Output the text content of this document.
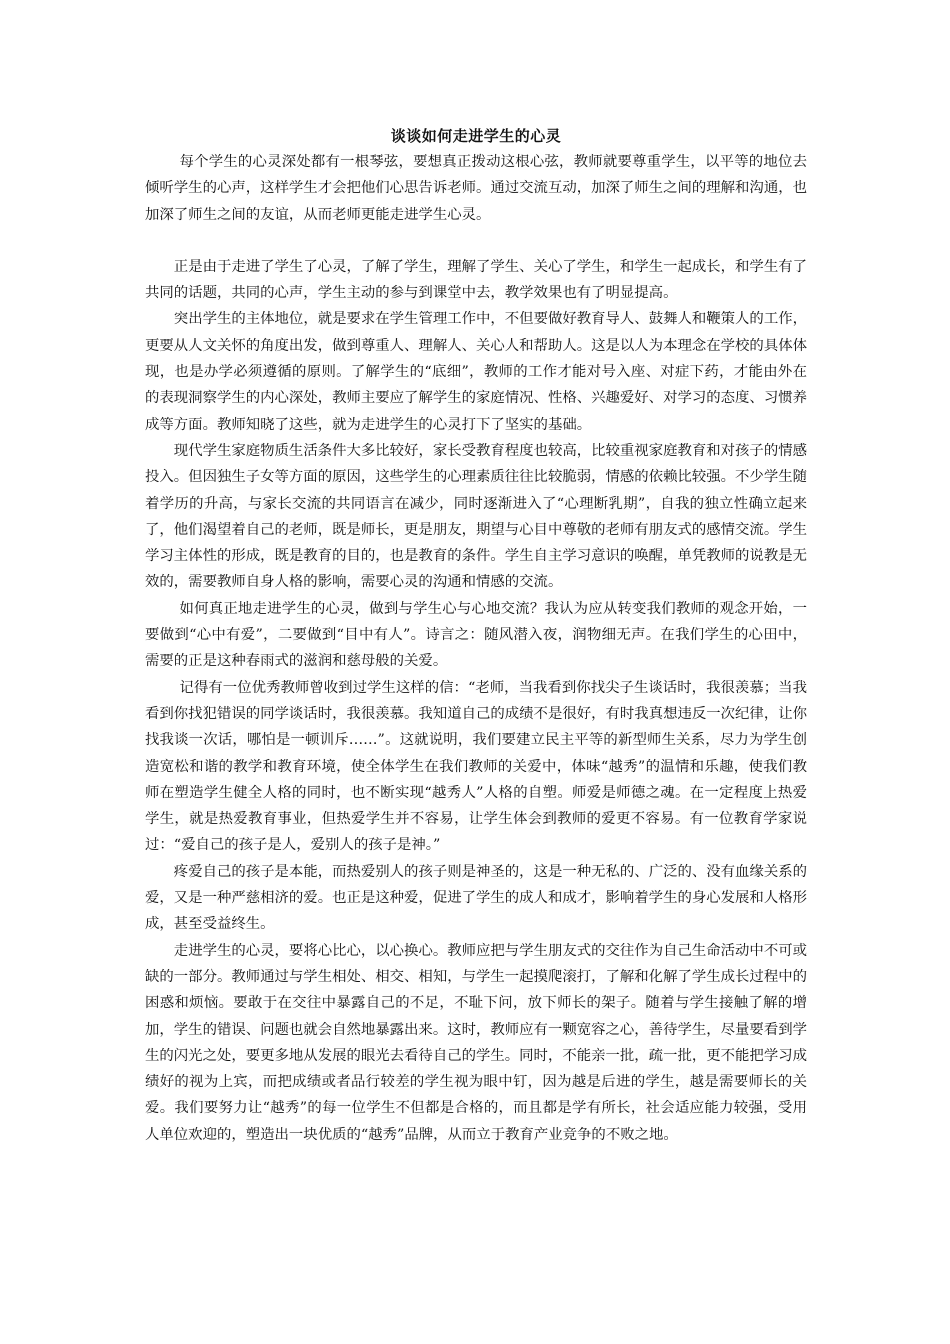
谈谈如何走进学生的心灵

每个学生的心灵深处都有一根琴弦，要想真正拨动这根心弦，教师就要尊重学生，以平等的地位去倾听学生的心声，这样学生才会把他们心思告诉老师。通过交流互动，加深了师生之间的理解和沟通，也加深了师生之间的友谊，从而老师更能走进学生心灵。

正是由于走进了学生了心灵，了解了学生，理解了学生、关心了学生，和学生一起成长，和学生有了共同的话题，共同的心声，学生主动的参与到课堂中去，教学效果也有了明显提高。

突出学生的主体地位，就是要求在学生管理工作中，不但要做好教育导人、鼓舞人和鞭策人的工作，更要从人文关怀的角度出发，做到尊重人、理解人、关心人和帮助人。这是以人为本理念在学校的具体体现，也是办学必须遵循的原则。了解学生的“底细”，教师的工作才能对号入座、对症下药，才能由外在的表现洞察学生的内心深处，教师主要应了解学生的家庭情况、性格、兴趣爱好、对学习的态度、习惯养成等方面。教师知晓了这些，就为走进学生的心灵打下了坚实的基础。

现代学生家庭物质生活条件大多比较好，家长受教育程度也较高，比较重视家庭教育和对孩子的情感投入。但因独生子女等方面的原因，这些学生的心理素质往往比较脆弱，情感的依赖比较强。不少学生随着学历的升高，与家长交流的共同语言在减少，同时逐渐进入了“心理断乳期”，自我的独立性确立起来了，他们渴望着自己的老师，既是师长，更是朋友，期望与心目中尊敬的老师有朋友式的感情交流。学生学习主体性的形成，既是教育的目的，也是教育的条件。学生自主学习意识的唤醒，单凭教师的说教是无效的，需要教师自身人格的影响，需要心灵的沟通和情感的交流。

如何真正地走进学生的心灵，做到与学生心与心地交流？我认为应从转变我们教师的观念开始，一要做到“心中有爱”，二要做到“目中有人”。诗言之：随风潜入夜，润物细无声。在我们学生的心田中，需要的正是这种春雨式的滋润和慈母般的关爱。

记得有一位优秀教师曾收到过学生这样的信：“老师，当我看到你找尖子生谈话时，我很羡慕；当我看到你找犯错误的同学谈话时，我很羡慕。我知道自己的成绩不是很好，有时我真想违反一次纪律，让你找我谈一次话，哪怕是一顿训斥……”。这就说明，我们要建立民主平等的新型师生关系，尽力为学生创造宽松和谐的教学和教育环境，使全体学生在我们教师的关爱中，体味“越秀”的温情和乐趣，使我们教师在塑造学生健全人格的同时，也不断实现“越秀人”人格的自塑。师爱是师德之魂。在一定程度上热爱学生，就是热爱教育事业，但热爱学生并不容易，让学生体会到教师的爱更不容易。有一位教育学家说过：“爱自己的孩子是人，爱别人的孩子是神。”

疼爱自己的孩子是本能，而热爱别人的孩子则是神圣的，这是一种无私的、广泛的、没有血缘关系的爱，又是一种严慈相济的爱。也正是这种爱，促进了学生的成人和成才，影响着学生的身心发展和人格形成，甚至受益终生。

走进学生的心灵，要将心比心，以心换心。教师应把与学生朋友式的交往作为自己生命活动中不可或缺的一部分。教师通过与学生相处、相交、相知，与学生一起摸爬滚打，了解和化解了学生成长过程中的困惑和烦恼。要敢于在交往中暴露自己的不足，不耻下问，放下师长的架子。随着与学生接触了解的增加，学生的错误、问题也就会自然地暴露出来。这时，教师应有一颗宽容之心，善待学生，尽量要看到学生的闪光之处，要更多地从发展的眼光去看待自己的学生。同时，不能亲一批，疏一批，更不能把学习成绩好的视为上宾，而把成绩或者品行较差的学生视为眼中钉，因为越是后进的学生，越是需要师长的关爱。我们要努力让“越秀”的每一位学生不但都是合格的，而且都是学有所长，社会适应能力较强，受用人单位欢迎的，塑造出一块优质的“越秀”品牌，从而立于教育产业竞争的不败之地。
